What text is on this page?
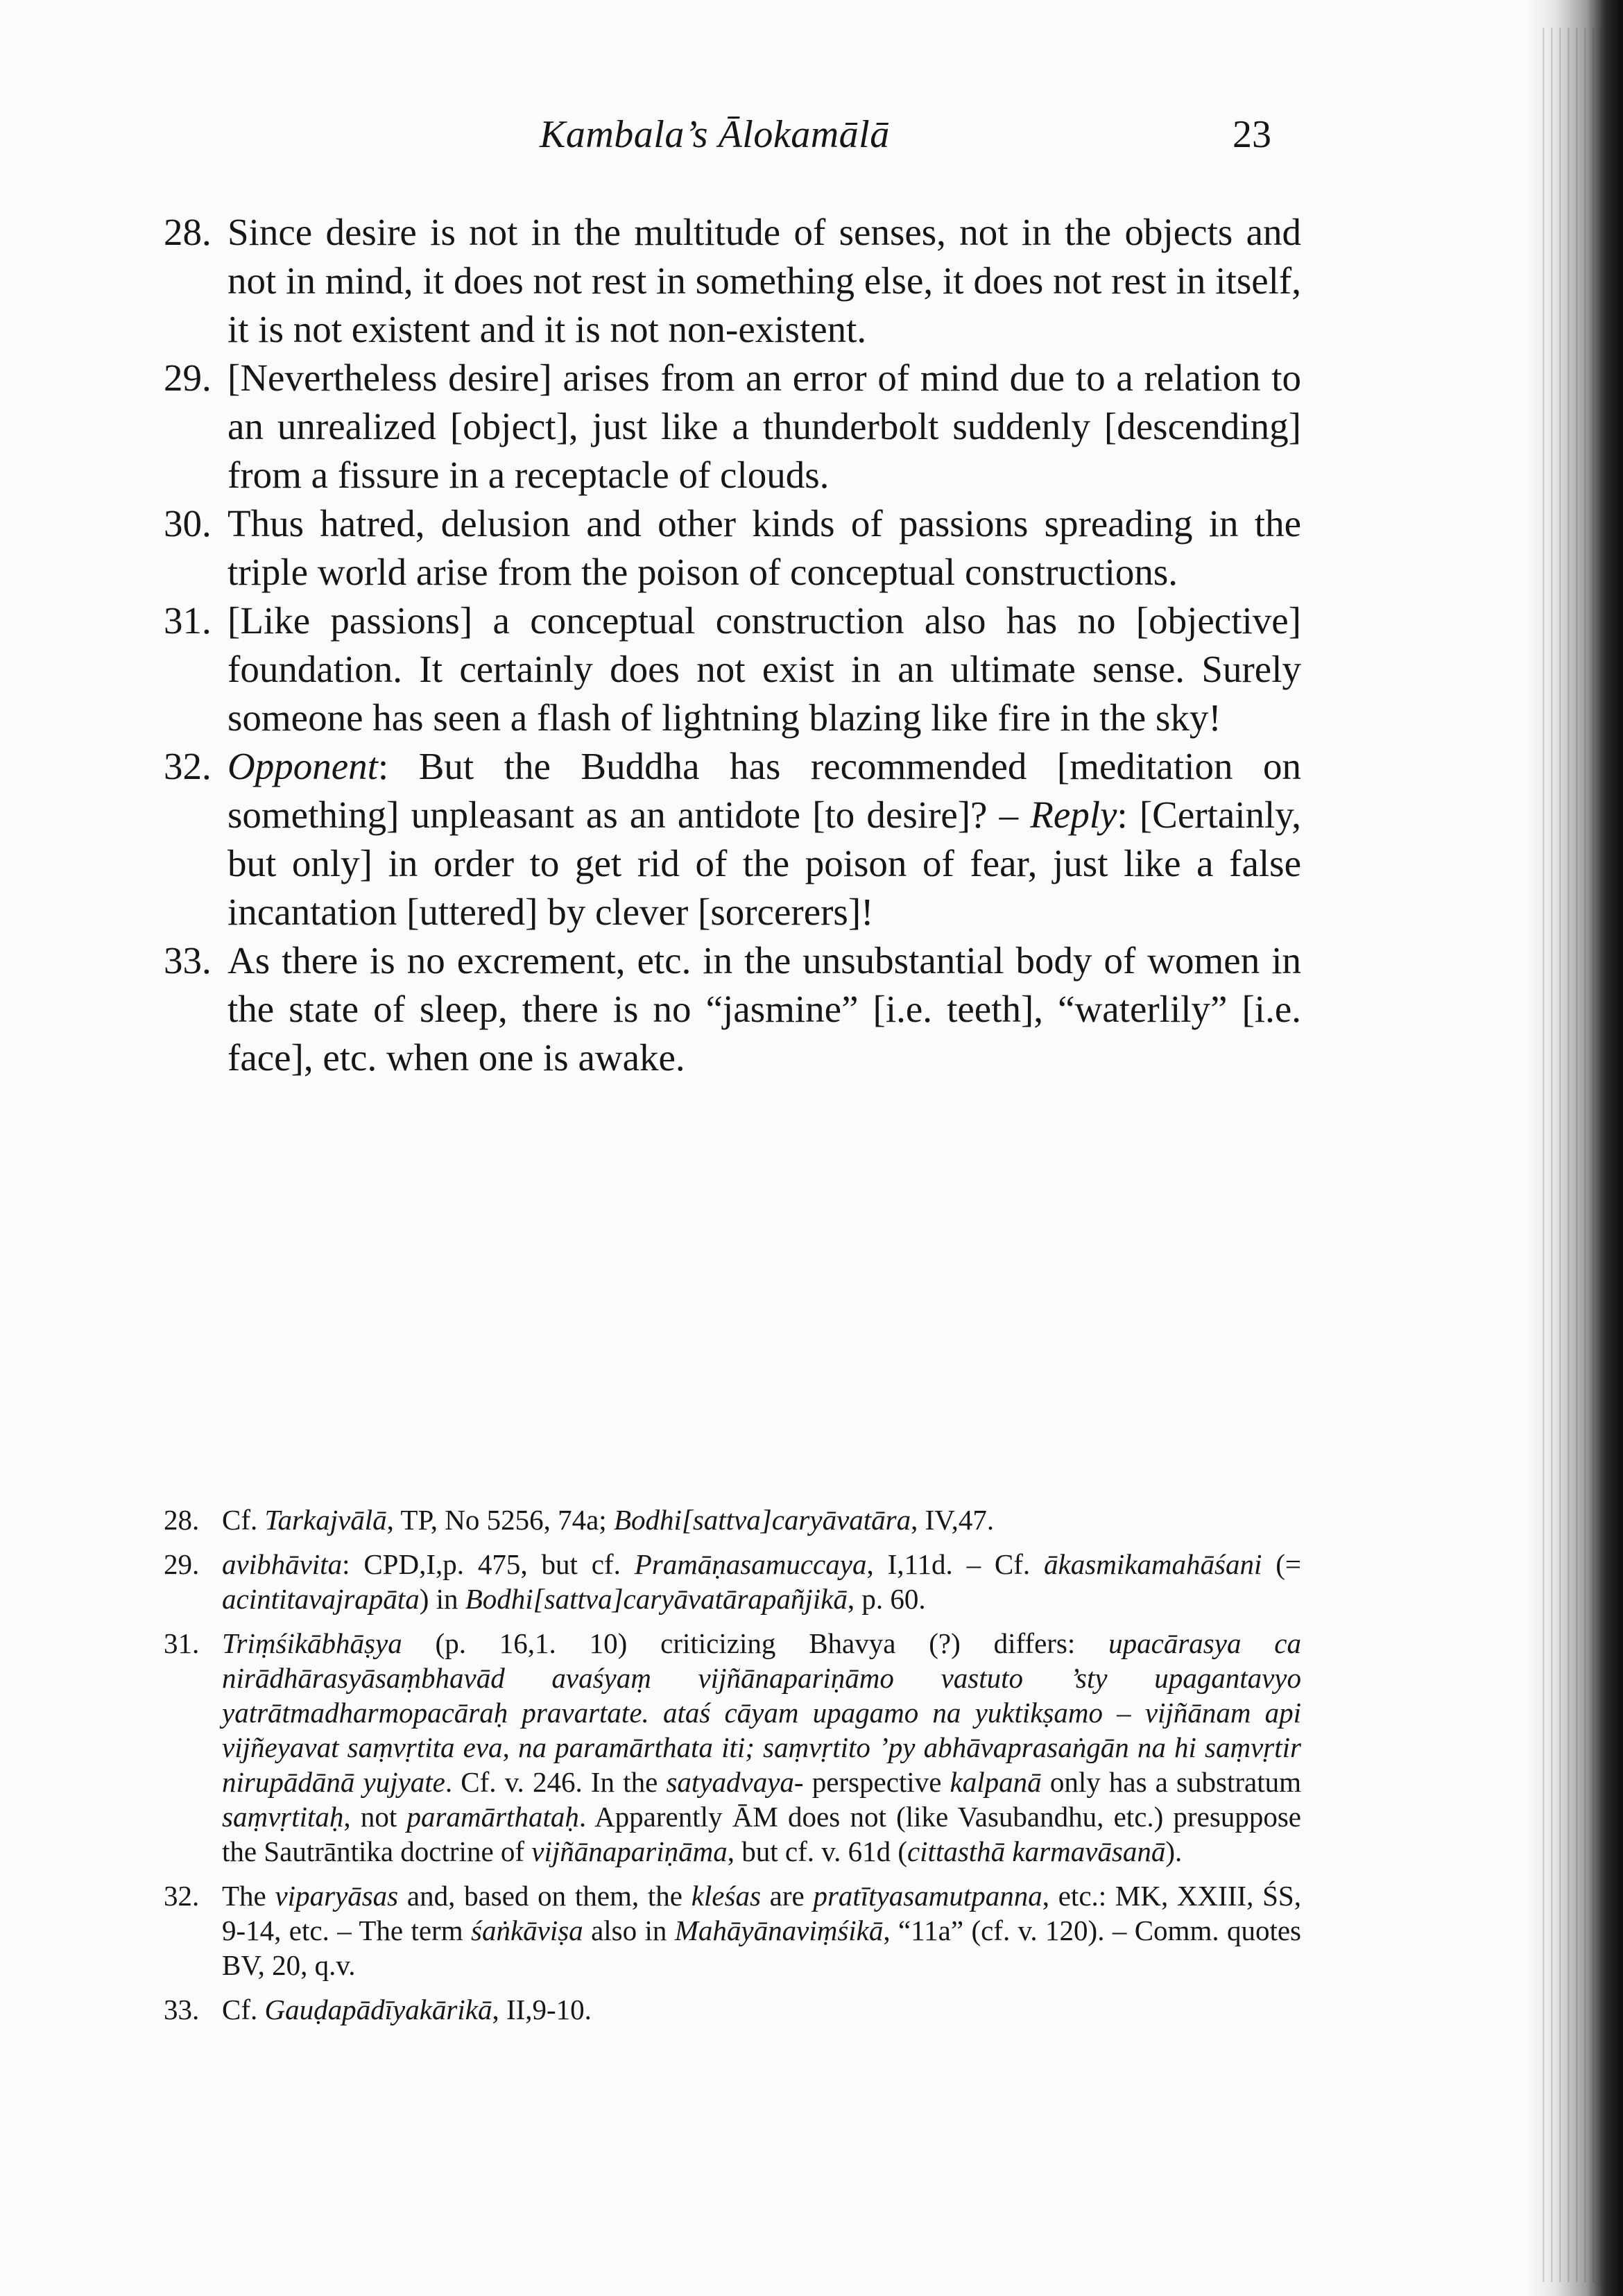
Kambala’s Ālokamālā	23
28. Since desire is not in the multitude of senses, not in the objects and not in mind, it does not rest in something else, it does not rest in itself, it is not existent and it is not non-existent.
29. [Nevertheless desire] arises from an error of mind due to a relation to an unrealized [object], just like a thunderbolt suddenly [descending] from a fissure in a receptacle of clouds.
30. Thus hatred, delusion and other kinds of passions spreading in the triple world arise from the poison of conceptual constructions.
31. [Like passions] a conceptual construction also has no [objective] foundation. It certainly does not exist in an ultimate sense. Surely someone has seen a flash of lightning blazing like fire in the sky!
32. Opponent: But the Buddha has recommended [meditation on something] unpleasant as an antidote [to desire]? – Reply: [Certainly, but only] in order to get rid of the poison of fear, just like a false incantation [uttered] by clever [sorcerers]!
33. As there is no excrement, etc. in the unsubstantial body of women in the state of sleep, there is no “jasmine” [i.e. teeth], “waterlily” [i.e. face], etc. when one is awake.
28. Cf. Tarkajvālā, TP, No 5256, 74a; Bodhi[sattva]caryāvatāra, IV,47.
29. avibhāvita: CPD,I,p. 475, but cf. Pramāṇasamuccaya, I,11d. – Cf. ākasmikamahāśani (= acintitavajrapāta) in Bodhi[sattva]caryāvatārapañjikā, p. 60.
31. Triṃśikābhāṣya (p. 16,1. 10) criticizing Bhavya (?) differs: upacārasya ca nirādhārasyāsaṃbhavād avaśyaṃ vijñānapariṇāmo vastuto ’sty upagantavyo yatrātmadharmopacāraḥ pravartate. ataś cāyam upagamo na yuktikṣamo – vijñānam api vijñeyavat saṃvṛtita eva, na paramārthata iti; saṃvṛtito ’py abhāvaprasaṅgān na hi saṃvṛtir nirupādānā yujyate. Cf. v. 246. In the satyadvaya- perspective kalpanā only has a substratum saṃvṛtitaḥ, not paramārthataḥ. Apparently ĀM does not (like Vasubandhu, etc.) presuppose the Sautrāntika doctrine of vijñānapariṇāma, but cf. v. 61d (cittasthā karmavāsanā).
32. The viparyāsas and, based on them, the kleśas are pratītyasamutpanna, etc.: MK, XXIII, ŚS, 9-14, etc. – The term śaṅkāviṣa also in Mahāyānaviṃśikā, “11a” (cf. v. 120). – Comm. quotes BV, 20, q.v.
33. Cf. Gauḍapādīyakārikā, II,9-10.
